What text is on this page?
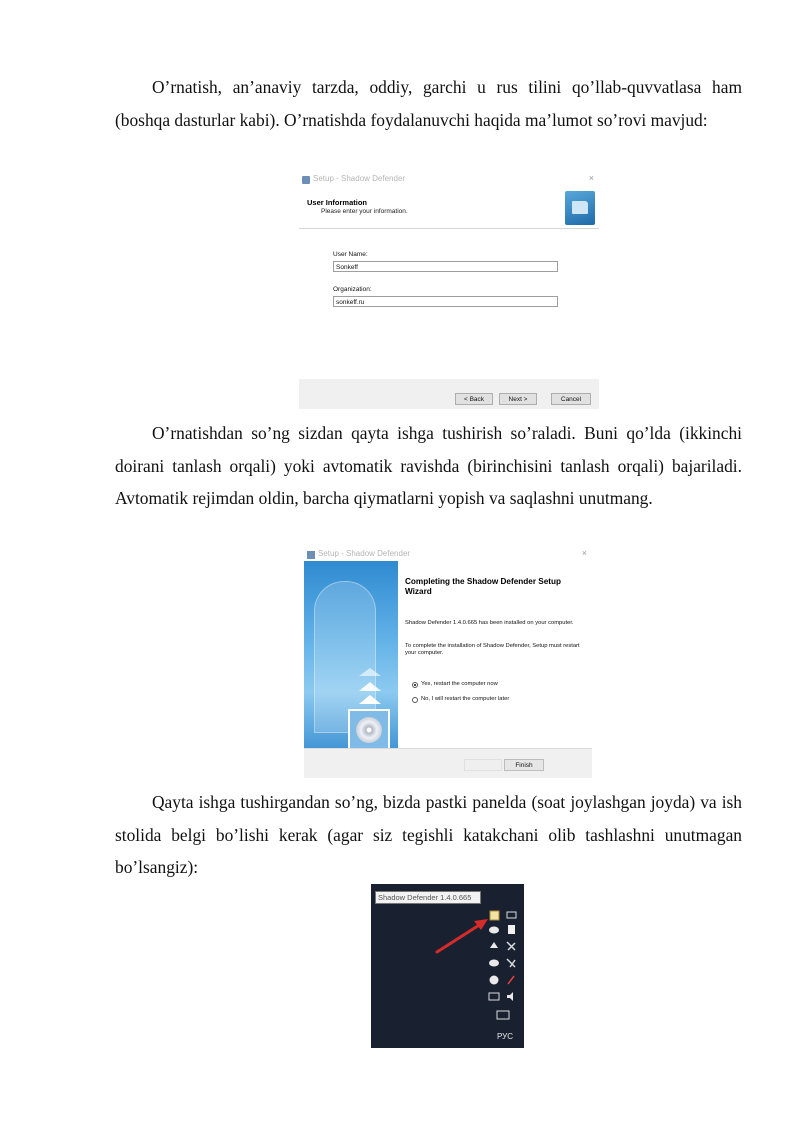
O’rnatish, an’anaviy tarzda, oddiy, garchi u rus tilini qo’llab-quvvatlasa ham (boshqa dasturlar kabi). O’rnatishda foydalanuvchi haqida ma’lumot so’rovi mavjud:

Setup - Shadow Defender	×
User Information
Please enter your information.
User Name:
Sonkeff
Organization:
sonkeff.ru
< Back	Next >	Cancel

O’rnatishdan so’ng sizdan qayta ishga tushirish so’raladi. Buni qo’lda (ikkinchi doirani tanlash orqali) yoki avtomatik ravishda (birinchisini tanlash orqali) bajariladi. Avtomatik rejimdan oldin, barcha qiymatlarni yopish va saqlashni unutmang.

Setup - Shadow Defender	×
Completing the Shadow Defender Setup Wizard
Shadow Defender 1.4.0.665 has been installed on your computer.
To complete the installation of Shadow Defender, Setup must restart your computer.
Yes, restart the computer now
No, I will restart the computer later
Finish

Qayta ishga tushirgandan so’ng, bizda pastki panelda (soat joylashgan joyda) va ish stolida belgi bo’lishi kerak (agar siz tegishli katakchani olib tashlashni unutmagan bo’lsangiz):

Shadow Defender 1.4.0.665
РУС
